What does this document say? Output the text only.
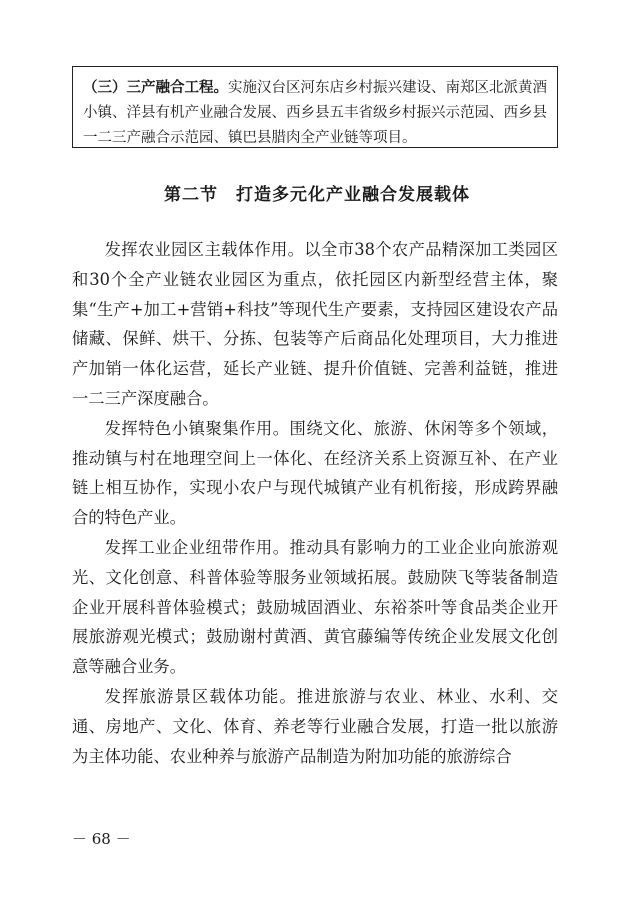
（三）三产融合工程。实施汉台区河东店乡村振兴建设、南郑区北派黄酒小镇、洋县有机产业融合发展、西乡县五丰省级乡村振兴示范园、西乡县一二三产融合示范园、镇巴县腊肉全产业链等项目。
第二节　打造多元化产业融合发展载体

发挥农业园区主载体作用。以全市38个农产品精深加工类园区和30个全产业链农业园区为重点，依托园区内新型经营主体，聚集“生产+加工+营销+科技”等现代生产要素，支持园区建设农产品储藏、保鲜、烘干、分拣、包装等产后商品化处理项目，大力推进产加销一体化运营，延长产业链、提升价值链、完善利益链，推进一二三产深度融合。

发挥特色小镇聚集作用。围绕文化、旅游、休闲等多个领域，推动镇与村在地理空间上一体化、在经济关系上资源互补、在产业链上相互协作，实现小农户与现代城镇产业有机衔接，形成跨界融合的特色产业。

发挥工业企业纽带作用。推动具有影响力的工业企业向旅游观光、文化创意、科普体验等服务业领域拓展。鼓励陕飞等装备制造企业开展科普体验模式；鼓励城固酒业、东裕茶叶等食品类企业开展旅游观光模式；鼓励谢村黄酒、黄官藤编等传统企业发展文化创意等融合业务。

发挥旅游景区载体功能。推进旅游与农业、林业、水利、交通、房地产、文化、体育、养老等行业融合发展，打造一批以旅游为主体功能、农业种养与旅游产品制造为附加功能的旅游综合

－ 68 －
